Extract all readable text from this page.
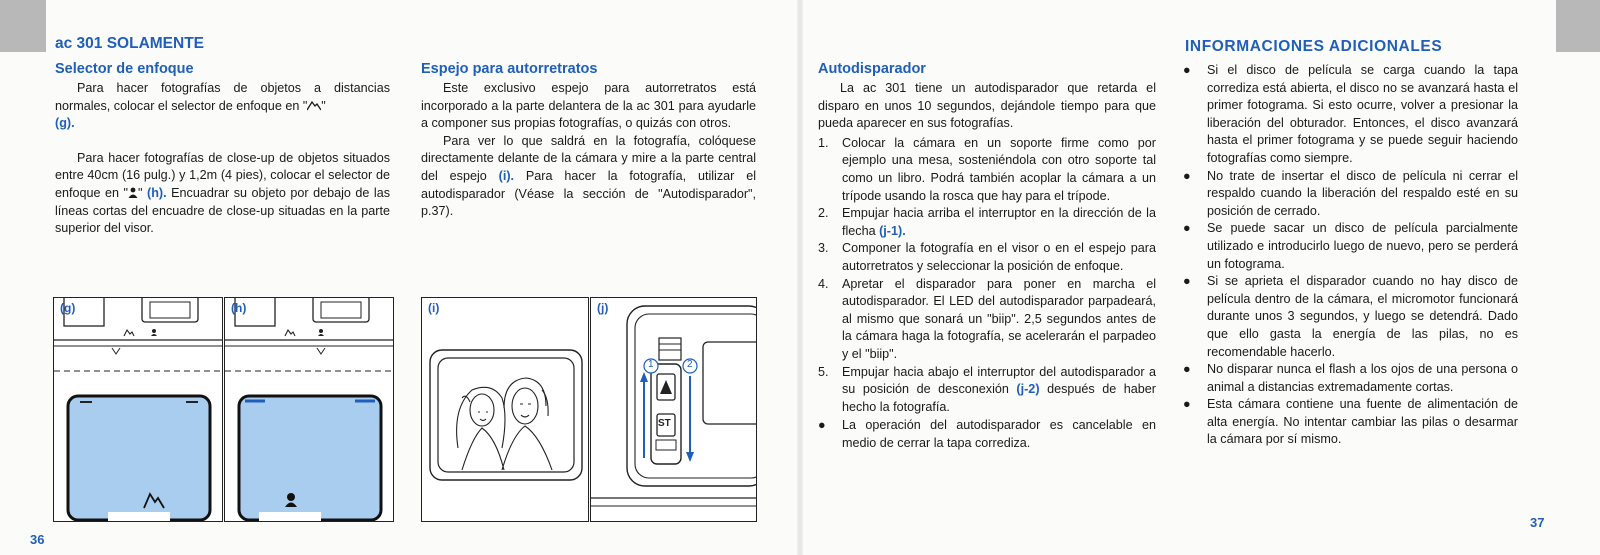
ac 301 SOLAMENTE
Selector de enfoque

Para hacer fotografías de objetos a distancias normales, colocar el selector de enfoque en " "
(g).

Para hacer fotografías de close-up de objetos situados entre 40cm (16 pulg.) y 1,2m (4 pies), colocar el selector de enfoque en " " (h). Encuadrar su objeto por debajo de las líneas cortas del encuadre de close-up situadas en la parte superior del visor.

Espejo para autorretratos

Este exclusivo espejo para autorretratos está incorporado a la parte delantera de la ac 301 para ayudarle a componer sus propias fotografías, o quizás con otros.

Para ver lo que saldrá en la fotografía, colóquese directamente delante de la cámara y mire a la parte central del espejo (i). Para hacer la fotografía, utilizar el autodisparador (Véase la sección de "Autodisparador", p.37).

(g)	(h)	(i)	(j)
1	2
ST
36
Autodisparador

La ac 301 tiene un autodisparador que retarda el disparo en unos 10 segundos, dejándole tiempo para que pueda aparecer en sus fotografías.

1. Colocar la cámara en un soporte firme como por ejemplo una mesa, sosteniéndola con otro soporte tal como un libro. Podrá también acoplar la cámara a un trípode usando la rosca que hay para el trípode.
2. Empujar hacia arriba el interruptor en la dirección de la flecha (j-1).
3. Componer la fotografía en el visor o en el espejo para autorretratos y seleccionar la posición de enfoque.
4. Apretar el disparador para poner en marcha el autodisparador. El LED del autodisparador parpadeará, al mismo que sonará un "biip". 2,5 segundos antes de la cámara haga la fotografía, se acelerarán el parpadeo y el "biip".
5. Empujar hacia abajo el interruptor del autodisparador a su posición de desconexión (j-2) después de haber hecho la fotografía.
● La operación del autodisparador es cancelable en medio de cerrar la tapa corrediza.
INFORMACIONES ADICIONALES
● Si el disco de película se carga cuando la tapa corrediza está abierta, el disco no se avanzará hasta el primer fotograma. Si esto ocurre, volver a presionar la liberación del obturador. Entonces, el disco avanzará hasta el primer fotograma y se puede seguir haciendo fotografías como siempre.
● No trate de insertar el disco de película ni cerrar el respaldo cuando la liberación del respaldo esté en su posición de cerrado.
● Se puede sacar un disco de película parcialmente utilizado e introducirlo luego de nuevo, pero se perderá un fotograma.
● Si se aprieta el disparador cuando no hay disco de película dentro de la cámara, el micromotor funcionará durante unos 3 segundos, y luego se detendrá. Dado que ello gasta la energía de las pilas, no es recomendable hacerlo.
● No disparar nunca el flash a los ojos de una persona o animal a distancias extremadamente cortas.
● Esta cámara contiene una fuente de alimentación de alta energía. No intentar cambiar las pilas o desarmar la cámara por sí mismo.
37
